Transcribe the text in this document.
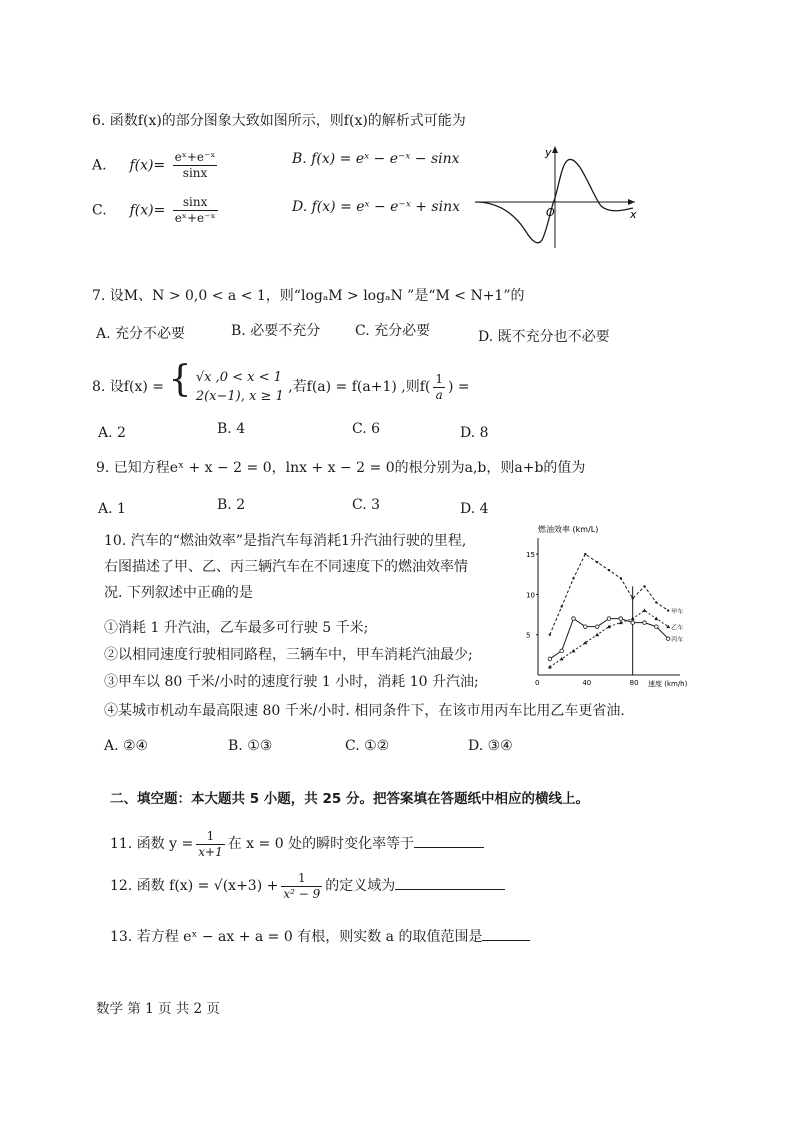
6. 函数f(x)的部分图象大致如图所示，则f(x)的解析式可能为
A. $f(x)= \frac{\text{eˣ+e⁻ˣ}}{\sin x}$	B. f(x) = eˣ − e⁻ˣ − sinx
C. $f(x)= \frac{\sin x}{\text{eˣ+e⁻ˣ}}$	D. f(x) = eˣ − e⁻ˣ + sinx
y
x
O
7. 设M、N > 0,0 < a < 1，则“logₐM > logₐN ”是“M < N+1”的
A. 充分不必要	B. 必要不充分 C. 充分必要	D. 既不充分也不必要
8. 设f(x) = { √x ,0 < x < 1
2(x−1), x ≥ 1
,若f(a) = f(a+1) ,则$f( \frac{1}{a}$ ) =
A. 2	B. 4	C. 6	D. 8
9. 已知方程eˣ + x − 2 = 0，lnx + x − 2 = 0的根分别为a,b，则a+b的值为
A. 1	B. 2	C. 3	D. 4
10. 汽车的“燃油效率”是指汽车每消耗1升汽油行驶的里程,
右图描述了甲、乙、丙三辆汽车在不同速度下的燃油效率情
况. 下列叙述中正确的是
①消耗 1 升汽油，乙车最多可行驶 5 千米;
②以相同速度行驶相同路程，三辆车中，甲车消耗汽油最少;
③甲车以 80 千米/小时的速度行驶 1 小时，消耗 10 升汽油;
④某城市机动车最高限速 80 千米/小时. 相同条件下，在该市用丙车比用乙车更省油.
A. ②④	B. ①③	C. ①②	D. ③④
燃油效率 (km/L)
速度 (km/h)
0	40	80
5
10
15
甲车
乙车
丙车
二、填空题：本大题共 5 小题，共 25 分。把答案填在答题纸中相应的横线上。
11. 函数 $y = \frac{1}{x+1}$ 在 x = 0 处的瞬时变化率等于
12. 函数 $f(x) = √(x+3) + \frac{1}{\text{x² − 9}}$ 的定义域为
13. 若方程 eˣ − ax + a = 0 有根，则实数 a 的取值范围是
数学 第 1 页 共 2 页
